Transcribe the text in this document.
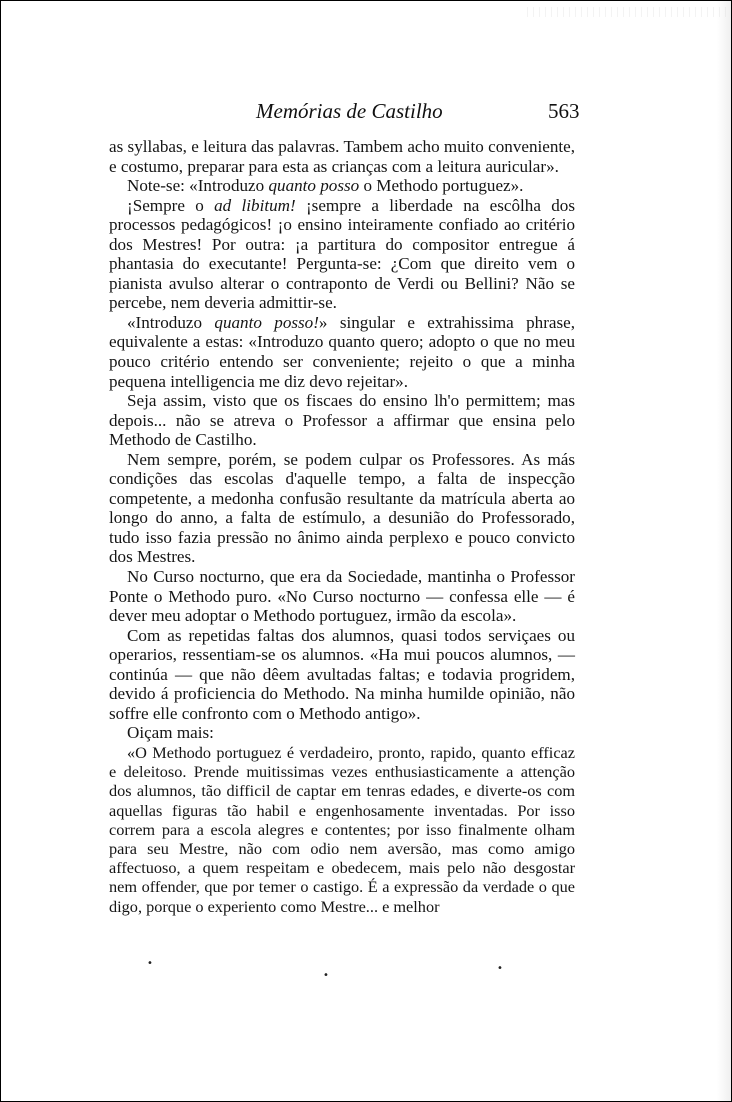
Memórias de Castilho	563

as syllabas, e leitura das palavras. Tambem acho muito conveniente, e costumo, preparar para esta as crianças com a leitura auricular».

Note-se: «Introduzo quanto posso o Methodo portuguez».

¡Sempre o ad libitum! ¡sempre a liberdade na escôlha dos processos pedagógicos! ¡o ensino inteiramente confiado ao critério dos Mestres! Por outra: ¡a partitura do compositor entregue á phantasia do executante! Pergunta-se: ¿Com que direito vem o pianista avulso alterar o contraponto de Verdi ou Bellini? Não se percebe, nem deveria admittir-se.

«Introduzo quanto posso!» singular e extrahissima phrase, equivalente a estas: «Introduzo quanto quero; adopto o que no meu pouco critério entendo ser conveniente; rejeito o que a minha pequena intelligencia me diz devo rejeitar».

Seja assim, visto que os fiscaes do ensino lh'o permittem; mas depois... não se atreva o Professor a affirmar que ensina pelo Methodo de Castilho.

Nem sempre, porém, se podem culpar os Professores. As más condições das escolas d'aquelle tempo, a falta de inspecção competente, a medonha confusão resultante da matrícula aberta ao longo do anno, a falta de estímulo, a desunião do Professorado, tudo isso fazia pressão no ânimo ainda perplexo e pouco convicto dos Mestres.

No Curso nocturno, que era da Sociedade, mantinha o Professor Ponte o Methodo puro. «No Curso nocturno — confessa elle — é dever meu adoptar o Methodo portuguez, irmão da escola».

Com as repetidas faltas dos alumnos, quasi todos serviçaes ou operarios, ressentiam-se os alumnos. «Ha mui poucos alumnos, — continúa — que não dêem avultadas faltas; e todavia progridem, devido á proficiencia do Methodo. Na minha humilde opinião, não soffre elle confronto com o Methodo antigo».

Oiçam mais:

«O Methodo portuguez é verdadeiro, pronto, rapido, quanto efficaz e deleitoso. Prende muitissimas vezes enthusiasticamente a attenção dos alumnos, tão difficil de captar em tenras edades, e diverte-os com aquellas figuras tão habil e engenhosamente inventadas. Por isso correm para a escola alegres e contentes; por isso finalmente olham para seu Mestre, não com odio nem aversão, mas como amigo affectuoso, a quem respeitam e obedecem, mais pelo não desgostar nem offender, que por temer o castigo. É a expressão da verdade o que digo, porque o experiento como Mestre... e melhor

•
•
•
